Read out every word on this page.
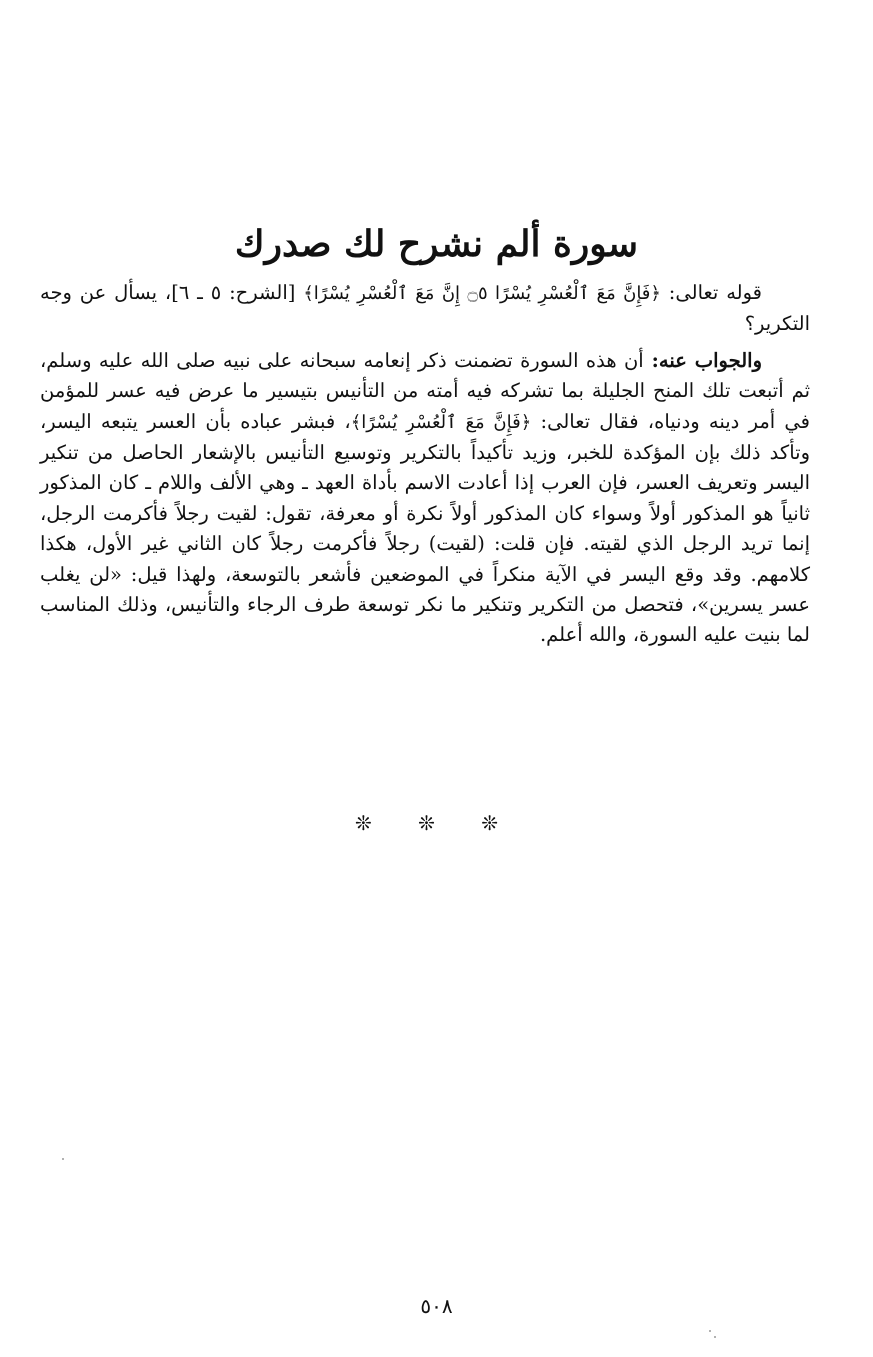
سورة ألم نشرح لك صدرك

قوله تعالى: ﴿فَإِنَّ مَعَ ٱلْعُسْرِ يُسْرًا ۝٥ إِنَّ مَعَ ٱلْعُسْرِ يُسْرًا﴾ [الشرح: ٥ ـ ٦]، يسأل عن وجه التكرير؟

والجواب عنه: أن هذه السورة تضمنت ذكر إنعامه سبحانه على نبيه صلى الله عليه وسلم، ثم أتبعت تلك المنح الجليلة بما تشركه فيه أمته من التأنيس بتيسير ما عرض فيه عسر للمؤمن في أمر دينه ودنياه، فقال تعالى: ﴿فَإِنَّ مَعَ ٱلْعُسْرِ يُسْرًا﴾، فبشر عباده بأن العسر يتبعه اليسر، وتأكد ذلك بإن المؤكدة للخبر، وزيد تأكيداً بالتكرير وتوسيع التأنيس بالإشعار الحاصل من تنكير اليسر وتعريف العسر، فإن العرب إذا أعادت الاسم بأداة العهد ـ وهي الألف واللام ـ كان المذكور ثانياً هو المذكور أولاً وسواء كان المذكور أولاً نكرة أو معرفة، تقول: لقيت رجلاً فأكرمت الرجل، إنما تريد الرجل الذي لقيته. فإن قلت: (لقيت) رجلاً فأكرمت رجلاً كان الثاني غير الأول، هكذا كلامهم. وقد وقع اليسر في الآية منكراً في الموضعين فأشعر بالتوسعة، ولهذا قيل: «لن يغلب عسر يسرين»، فتحصل من التكرير وتنكير ما نكر توسعة طرف الرجاء والتأنيس، وذلك المناسب لما بنيت عليه السورة، والله أعلم.

❊ ❊ ❊
٥٠٨
